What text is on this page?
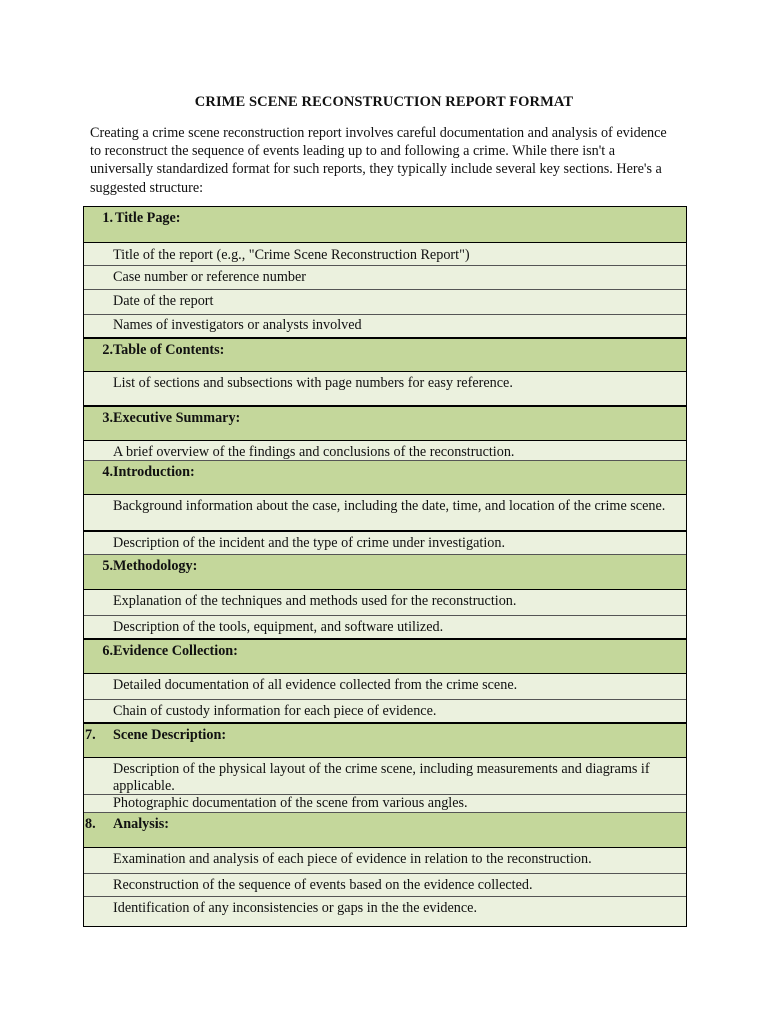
CRIME SCENE RECONSTRUCTION REPORT FORMAT
Creating a crime scene reconstruction report involves careful documentation and analysis of evidence to reconstruct the sequence of events leading up to and following a crime. While there isn't a universally standardized format for such reports, they typically include several key sections. Here's a suggested structure:
1. Title Page:
Title of the report (e.g., "Crime Scene Reconstruction Report")
Case number or reference number
Date of the report
Names of investigators or analysts involved
2. Table of Contents:
List of sections and subsections with page numbers for easy reference.
3. Executive Summary:
A brief overview of the findings and conclusions of the reconstruction.
4. Introduction:
Background information about the case, including the date, time, and location of the crime scene.
Description of the incident and the type of crime under investigation.
5. Methodology:
Explanation of the techniques and methods used for the reconstruction.
Description of the tools, equipment, and software utilized.
6. Evidence Collection:
Detailed documentation of all evidence collected from the crime scene.
Chain of custody information for each piece of evidence.
7. Scene Description:
Description of the physical layout of the crime scene, including measurements and diagrams if applicable.
Photographic documentation of the scene from various angles.
8. Analysis:
Examination and analysis of each piece of evidence in relation to the reconstruction.
Reconstruction of the sequence of events based on the evidence collected.
Identification of any inconsistencies or gaps in the the evidence.
